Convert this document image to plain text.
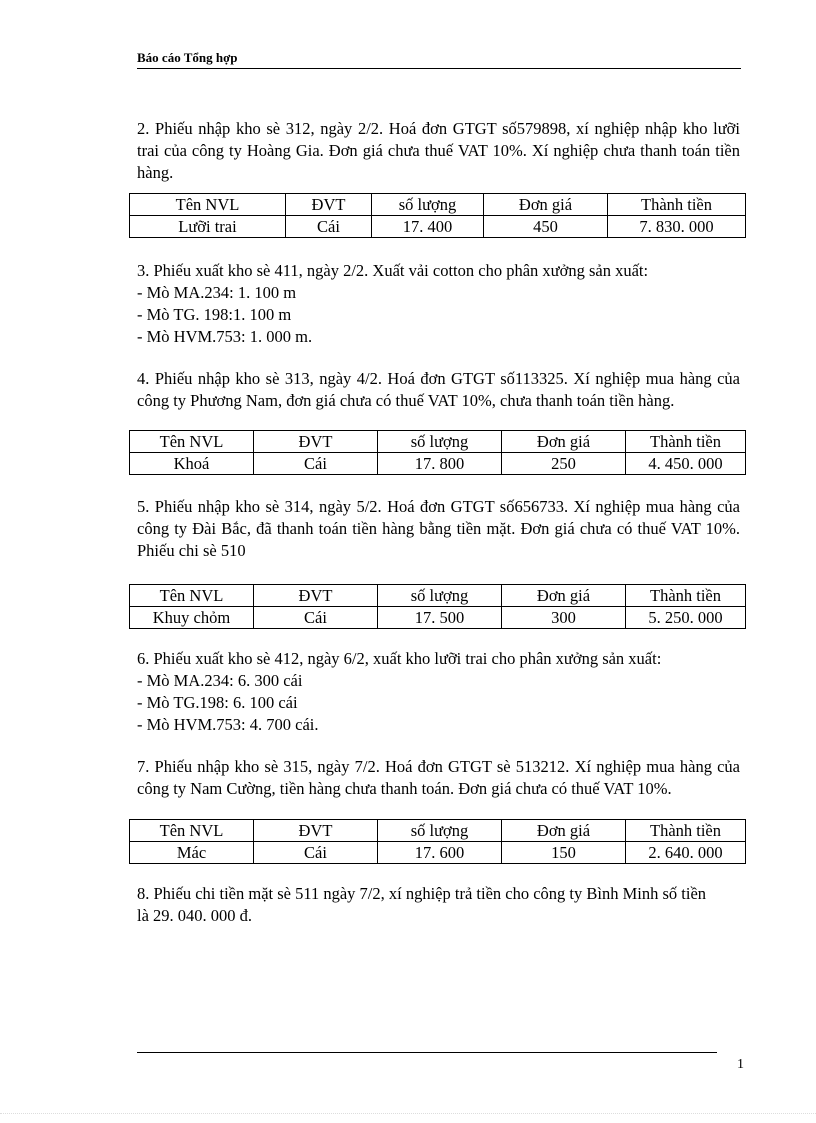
Báo cáo Tổng hợp

2. Phiếu nhập kho sè 312, ngày 2/2. Hoá đơn GTGT số579898, xí nghiệp nhập kho lưỡi trai của công ty Hoàng Gia. Đơn giá chưa thuế VAT 10%. Xí nghiệp chưa thanh toán tiền hàng.

Tên NVL	ĐVT	số lượng	Đơn giá	Thành tiền
Lưỡi trai	Cái	17. 400	450	7. 830. 000

3. Phiếu xuất kho sè 411, ngày 2/2. Xuất vải cotton cho phân xưởng sản xuất:

- Mò MA.234: 1. 100 m

- Mò TG. 198:1. 100 m

- Mò HVM.753: 1. 000 m.

4. Phiếu nhập kho sè 313, ngày 4/2. Hoá đơn GTGT số113325. Xí nghiệp mua hàng của công ty Phương Nam, đơn giá chưa có thuế VAT 10%, chưa thanh toán tiền hàng.

Tên NVL	ĐVT	số lượng	Đơn giá	Thành tiền
Khoá	Cái	17. 800	250	4. 450. 000

5. Phiếu nhập kho sè 314, ngày 5/2. Hoá đơn GTGT số656733. Xí nghiệp mua hàng của công ty Đài Bắc, đã thanh toán tiền hàng bằng tiền mặt. Đơn giá chưa có thuế VAT 10%. Phiếu chi sè 510

Tên NVL	ĐVT	số lượng	Đơn giá	Thành tiền
Khuy chỏm	Cái	17. 500	300	5. 250. 000

6. Phiếu xuất kho sè 412, ngày 6/2, xuất kho lưỡi trai cho phân xưởng sản xuất:

- Mò MA.234: 6. 300 cái

- Mò TG.198: 6. 100 cái

- Mò HVM.753: 4. 700 cái.

7. Phiếu nhập kho sè 315, ngày 7/2. Hoá đơn GTGT sè 513212. Xí nghiệp mua hàng của công ty Nam Cường, tiền hàng chưa thanh toán. Đơn giá chưa có thuế VAT 10%.

Tên NVL	ĐVT	số lượng	Đơn giá	Thành tiền
Mác	Cái	17. 600	150	2. 640. 000

8. Phiếu chi tiền mặt sè 511 ngày 7/2, xí nghiệp trả tiền cho công ty Bình Minh số tiền là 29. 040. 000 đ.

1
